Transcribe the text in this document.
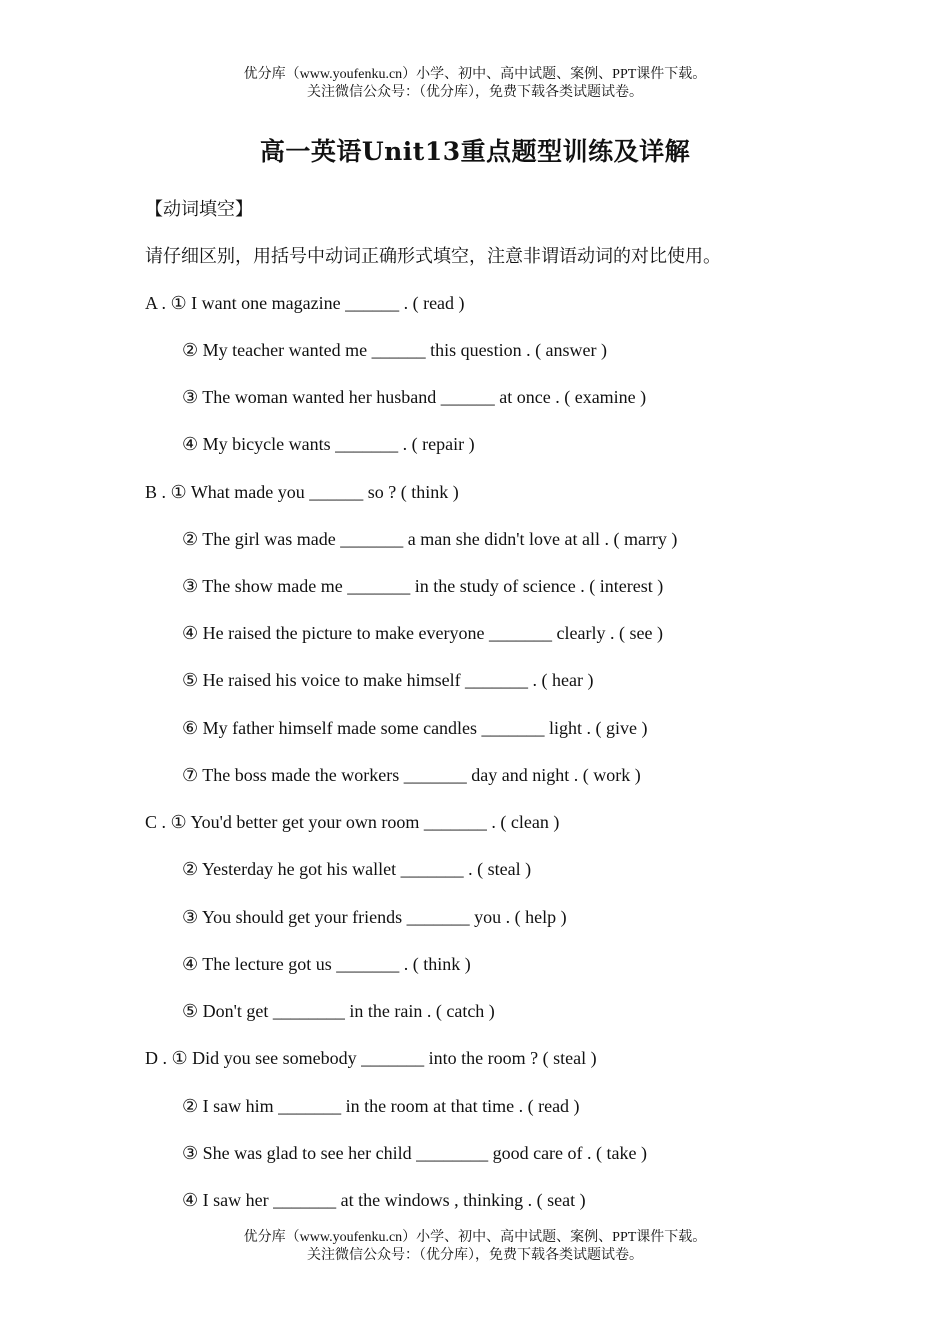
优分库（www.youfenku.cn）小学、初中、高中试题、案例、PPT课件下载。
关注微信公众号：（优分库），免费下载各类试题试卷。
高一英语Unit13重点题型训练及详解
【动词填空】
请仔细区别，用括号中动词正确形式填空，注意非谓语动词的对比使用。
A . ① I want one magazine ______ . ( read )
② My teacher wanted me ______ this question . ( answer )
③ The woman wanted her husband ______ at once . ( examine )
④ My bicycle wants _______ . ( repair )
B . ① What made you ______ so ? ( think )
② The girl was made _______ a man she didn't love at all . ( marry )
③ The show made me _______ in the study of science . ( interest )
④ He raised the picture to make everyone _______ clearly . ( see )
⑤ He raised his voice to make himself _______ . ( hear )
⑥ My father himself made some candles _______ light . ( give )
⑦ The boss made the workers _______ day and night . ( work )
C . ① You'd better get your own room _______ . ( clean )
② Yesterday he got his wallet _______ . ( steal )
③ You should get your friends _______ you . ( help )
④ The lecture got us _______ . ( think )
⑤ Don't get ________ in the rain . ( catch )
D . ① Did you see somebody _______ into the room ? ( steal )
② I saw him _______ in the room at that time . ( read )
③ She was glad to see her child ________ good care of . ( take )
④ I saw her _______ at the windows , thinking . ( seat )
优分库（www.youfenku.cn）小学、初中、高中试题、案例、PPT课件下载。
关注微信公众号：（优分库），免费下载各类试题试卷。
